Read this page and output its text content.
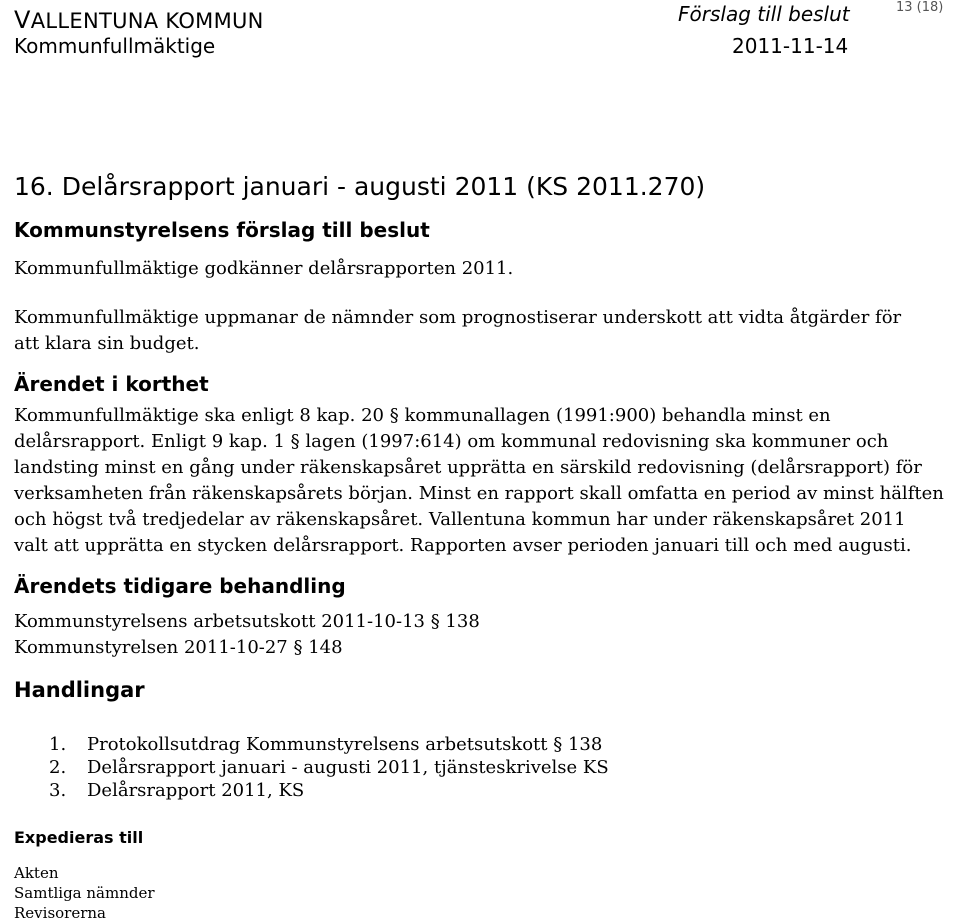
VALLENTUNA KOMMUN
Kommunfullmäktige
Förslag till beslut
2011-11-14
13 (18)
16. Delårsrapport januari - augusti 2011 (KS 2011.270)
Kommunstyrelsens förslag till beslut
Kommunfullmäktige godkänner delårsrapporten 2011.
Kommunfullmäktige uppmanar de nämnder som prognostiserar underskott att vidta åtgärder för att klara sin budget.
Ärendet i korthet
Kommunfullmäktige ska enligt 8 kap. 20 § kommunallagen (1991:900) behandla minst en delårsrapport. Enligt 9 kap. 1 § lagen (1997:614) om kommunal redovisning ska kommuner och landsting minst en gång under räkenskapsåret upprätta en särskild redovisning (delårsrapport) för verksamheten från räkenskapsårets början. Minst en rapport skall omfatta en period av minst hälften och högst två tredjedelar av räkenskapsåret. Vallentuna kommun har under räkenskapsåret 2011 valt att upprätta en stycken delårsrapport. Rapporten avser perioden januari till och med augusti.
Ärendets tidigare behandling
Kommunstyrelsens arbetsutskott 2011-10-13 § 138
Kommunstyrelsen 2011-10-27 § 148
Handlingar
1. Protokollsutdrag Kommunstyrelsens arbetsutskott § 138
2. Delårsrapport januari - augusti 2011, tjänsteskrivelse KS
3. Delårsrapport 2011, KS
Expedieras till
Akten
Samtliga nämnder
Revisorerna
